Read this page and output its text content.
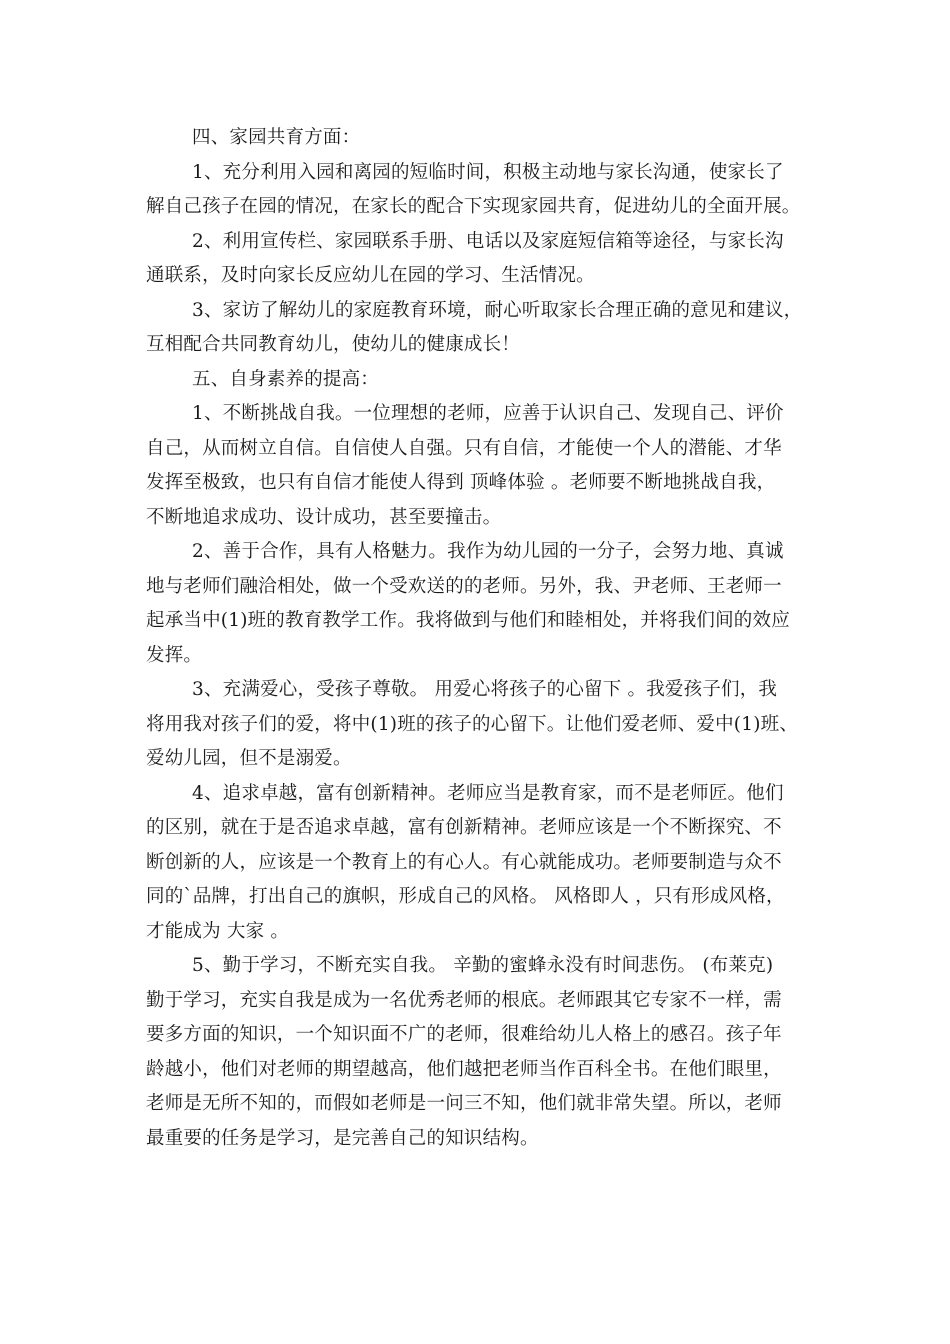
四、家园共育方面：
1、充分利用入园和离园的短临时间，积极主动地与家长沟通，使家长了
解自己孩子在园的情况，在家长的配合下实现家园共育，促进幼儿的全面开展。
2、利用宣传栏、家园联系手册、电话以及家庭短信箱等途径，与家长沟
通联系，及时向家长反应幼儿在园的学习、生活情况。
3、家访了解幼儿的家庭教育环境，耐心听取家长合理正确的意见和建议，
互相配合共同教育幼儿，使幼儿的健康成长！
五、自身素养的提高：
1、不断挑战自我。一位理想的老师，应善于认识自己、发现自己、评价
自己，从而树立自信。自信使人自强。只有自信，才能使一个人的潜能、才华
发挥至极致，也只有自信才能使人得到 顶峰体验 。老师要不断地挑战自我，
不断地追求成功、设计成功，甚至要撞击。
2、善于合作，具有人格魅力。我作为幼儿园的一分子，会努力地、真诚
地与老师们融洽相处，做一个受欢送的的老师。另外，我、尹老师、王老师一
起承当中(1)班的教育教学工作。我将做到与他们和睦相处，并将我们间的效应
发挥。
3、充满爱心，受孩子尊敬。 用爱心将孩子的心留下 。我爱孩子们，我
将用我对孩子们的爱，将中(1)班的孩子的心留下。让他们爱老师、爱中(1)班、
爱幼儿园，但不是溺爱。
4、追求卓越，富有创新精神。老师应当是教育家，而不是老师匠。他们
的区别，就在于是否追求卓越，富有创新精神。老师应该是一个不断探究、不
断创新的人，应该是一个教育上的有心人。有心就能成功。老师要制造与众不
同的`品牌，打出自己的旗帜，形成自己的风格。 风格即人 ，只有形成风格，
才能成为 大家 。
5、勤于学习，不断充实自我。 辛勤的蜜蜂永没有时间悲伤。 (布莱克)
勤于学习，充实自我是成为一名优秀老师的根底。老师跟其它专家不一样，需
要多方面的知识，一个知识面不广的老师，很难给幼儿人格上的感召。孩子年
龄越小，他们对老师的期望越高，他们越把老师当作百科全书。在他们眼里，
老师是无所不知的，而假如老师是一问三不知，他们就非常失望。所以，老师
最重要的任务是学习，是完善自己的知识结构。
